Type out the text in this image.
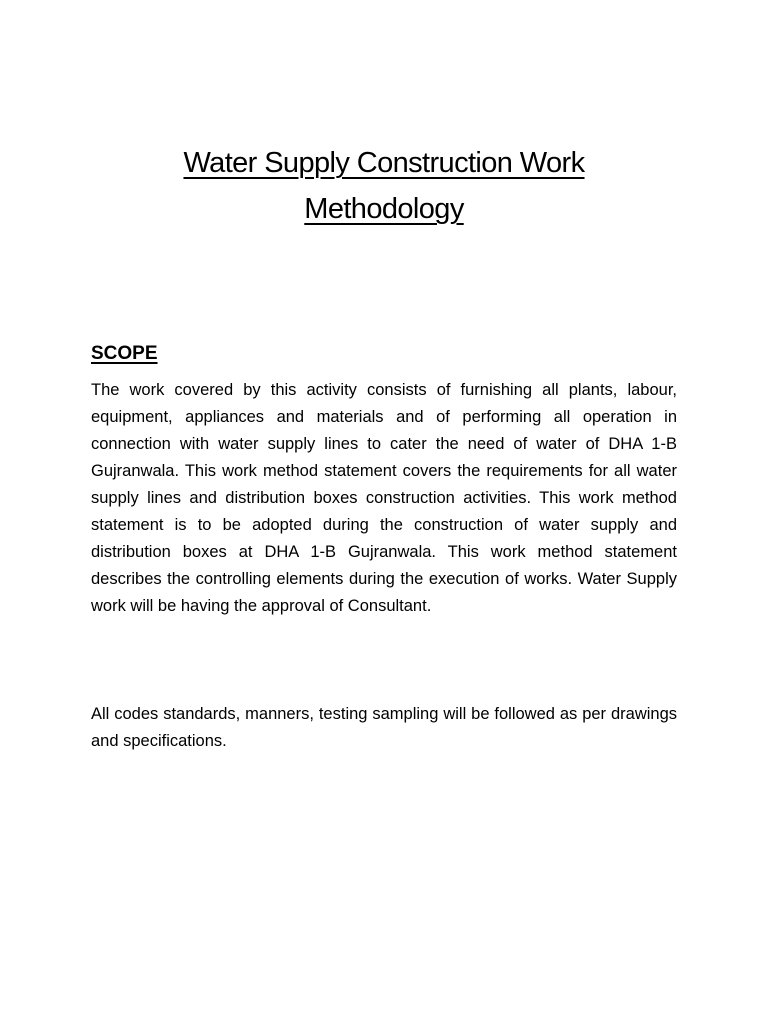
Water Supply Construction Work
Methodology
SCOPE

The work covered by this activity consists of furnishing all plants, labour, equipment, appliances and materials and of performing all operation in connection with water supply lines to cater the need of water of DHA 1-B Gujranwala. This work method statement covers the requirements for all water supply lines and distribution boxes construction activities. This work method statement is to be adopted during the construction of water supply and distribution boxes at DHA 1-B Gujranwala. This work method statement describes the controlling elements during the execution of works. Water Supply work will be having the approval of Consultant.

All codes standards, manners, testing sampling will be followed as per drawings and specifications.
